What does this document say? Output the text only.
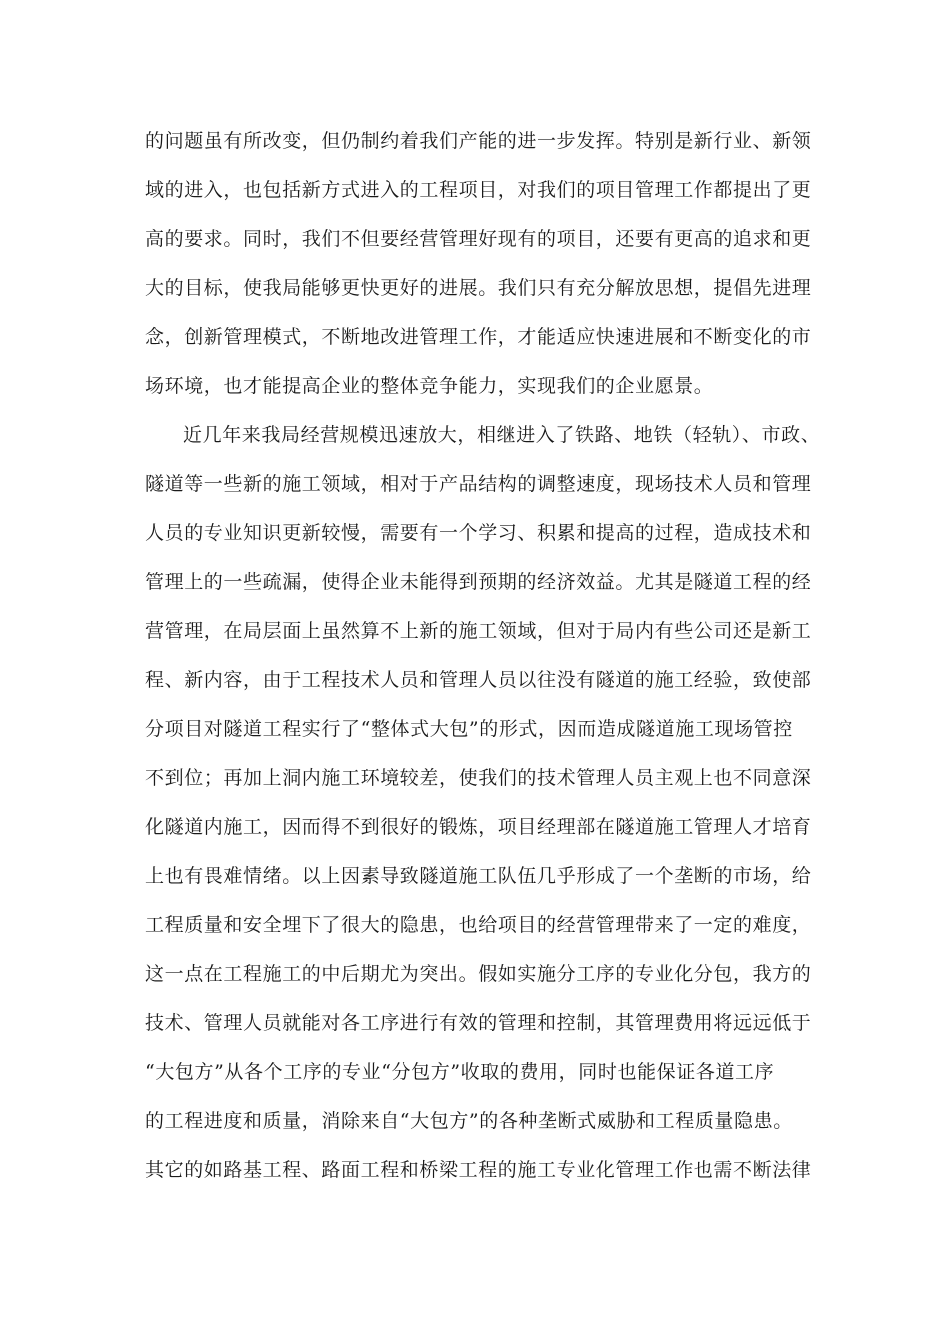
的问题虽有所改变，但仍制约着我们产能的进一步发挥。特别是新行业、新领
域的进入，也包括新方式进入的工程项目，对我们的项目管理工作都提出了更
高的要求。同时，我们不但要经营管理好现有的项目，还要有更高的追求和更
大的目标，使我局能够更快更好的进展。我们只有充分解放思想，提倡先进理
念，创新管理模式，不断地改进管理工作，才能适应快速进展和不断变化的市
场环境，也才能提高企业的整体竞争能力，实现我们的企业愿景。
近几年来我局经营规模迅速放大，相继进入了铁路、地铁（轻轨）、市政、
隧道等一些新的施工领域，相对于产品结构的调整速度，现场技术人员和管理
人员的专业知识更新较慢，需要有一个学习、积累和提高的过程，造成技术和
管理上的一些疏漏，使得企业未能得到预期的经济效益。尤其是隧道工程的经
营管理，在局层面上虽然算不上新的施工领域，但对于局内有些公司还是新工
程、新内容，由于工程技术人员和管理人员以往没有隧道的施工经验，致使部
分项目对隧道工程实行了“整体式大包”的形式，因而造成隧道施工现场管控
不到位；再加上洞内施工环境较差，使我们的技术管理人员主观上也不同意深
化隧道内施工，因而得不到很好的锻炼，项目经理部在隧道施工管理人才培育
上也有畏难情绪。以上因素导致隧道施工队伍几乎形成了一个垄断的市场，给
工程质量和安全埋下了很大的隐患，也给项目的经营管理带来了一定的难度，
这一点在工程施工的中后期尤为突出。假如实施分工序的专业化分包，我方的
技术、管理人员就能对各工序进行有效的管理和控制，其管理费用将远远低于
“大包方”从各个工序的专业“分包方”收取的费用，同时也能保证各道工序
的工程进度和质量，消除来自“大包方”的各种垄断式威胁和工程质量隐患。
其它的如路基工程、路面工程和桥梁工程的施工专业化管理工作也需不断法律
